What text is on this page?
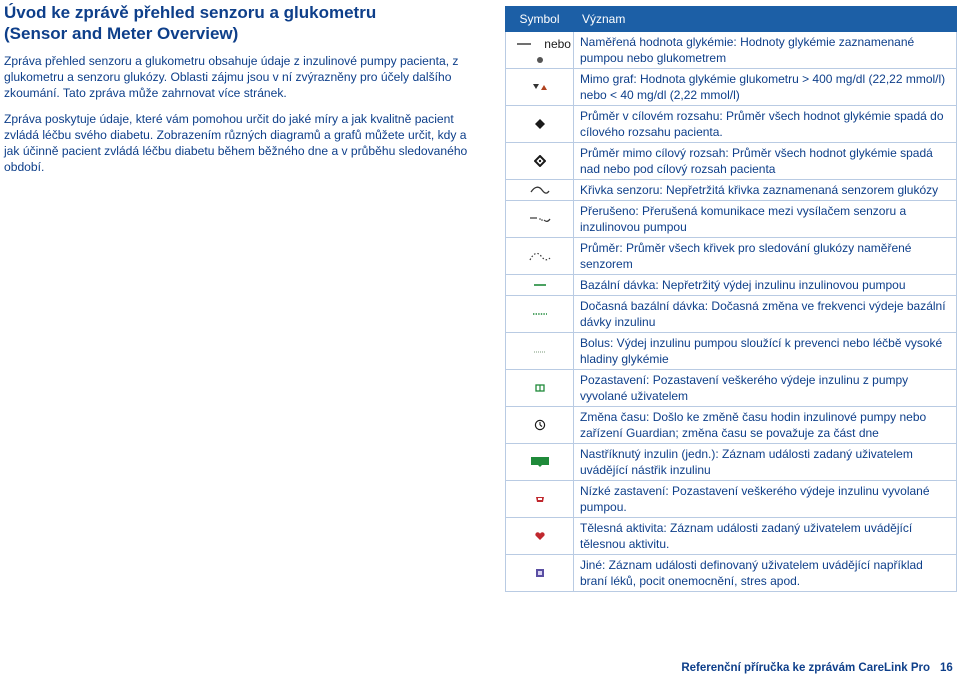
Úvod ke zprávě přehled senzoru a glukometru
(Sensor and Meter Overview)

Zpráva přehled senzoru a glukometru obsahuje údaje z inzulinové pumpy pacienta, z glukometru a senzoru glukózy. Oblasti zájmu jsou v ní zvýrazněny pro účely dalšího zkoumání. Tato zpráva může zahrnovat více stránek.

Zpráva poskytuje údaje, které vám pomohou určit do jaké míry a jak kvalitně pacient zvládá léčbu svého diabetu. Zobrazením různých diagramů a grafů můžete určit, kdy a jak účinně pacient zvládá léčbu diabetu během běžného dne a v průběhu sledovaného období.

Symbol	Význam

nebo	Naměřená hodnota glykémie: Hodnoty glykémie zaznamenané pumpou nebo glukometrem

	Mimo graf: Hodnota glykémie glukometru > 400 mg/dl (22,22 mmol/l) nebo < 40 mg/dl (2,22 mmol/l)

	Průměr v cílovém rozsahu: Průměr všech hodnot glykémie spadá do cílového rozsahu pacienta.

	Průměr mimo cílový rozsah: Průměr všech hodnot glykémie spadá nad nebo pod cílový rozsah pacienta

	Křivka senzoru: Nepřetržitá křivka zaznamenaná senzorem glukózy

	Přerušeno: Přerušená komunikace mezi vysílačem senzoru a inzulinovou pumpou

	Průměr: Průměr všech křivek pro sledování glukózy naměřené senzorem

	Bazální dávka: Nepřetržitý výdej inzulinu inzulinovou pumpou

	Dočasná bazální dávka: Dočasná změna ve frekvenci výdeje bazální dávky inzulinu

	Bolus: Výdej inzulinu pumpou sloužící k prevenci nebo léčbě vysoké hladiny glykémie

	Pozastavení: Pozastavení veškerého výdeje inzulinu z pumpy vyvolané uživatelem

	Změna času: Došlo ke změně času hodin inzulinové pumpy nebo zařízení Guardian; změna času se považuje za část dne

	Nastříknutý inzulin (jedn.): Záznam události zadaný uživatelem uvádějící nástřik inzulinu

	Nízké zastavení: Pozastavení veškerého výdeje inzulinu vyvolané pumpou.

	Tělesná aktivita: Záznam události zadaný uživatelem uvádějící tělesnou aktivitu.

	Jiné: Záznam události definovaný uživatelem uvádějící například braní léků, pocit onemocnění, stres apod.
Referenční příručka ke zprávám CareLink Pro 16
